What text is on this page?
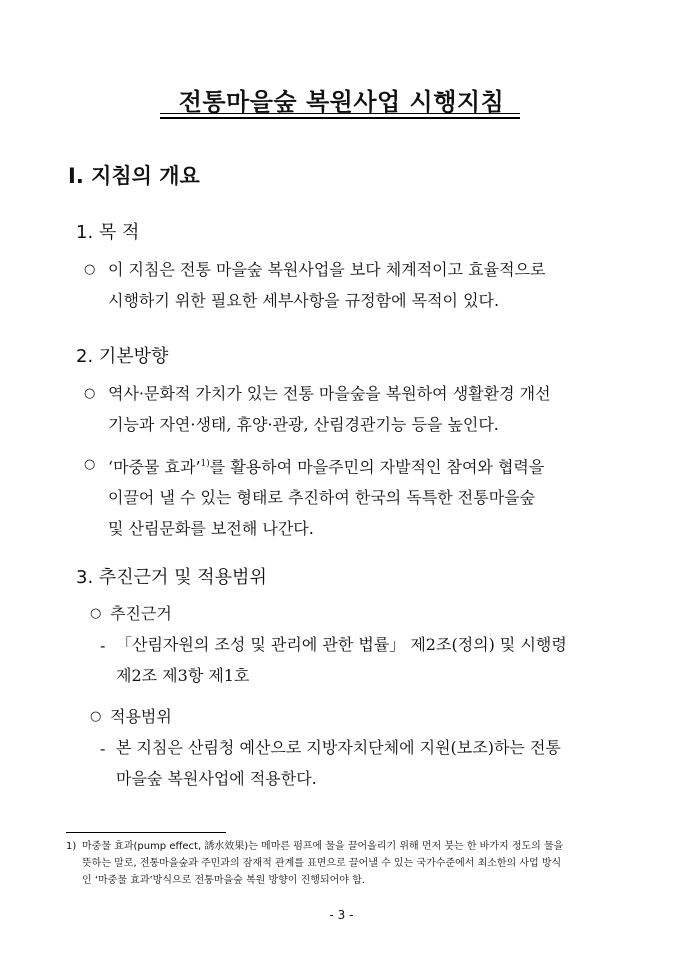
전통마을숲 복원사업 시행지침
Ⅰ. 지침의 개요
1. 목 적
○ 이 지침은 전통 마을숲 복원사업을 보다 체계적이고 효율적으로
시행하기 위한 필요한 세부사항을 규정함에 목적이 있다.
2. 기본방향
○ 역사·문화적 가치가 있는 전통 마을숲을 복원하여 생활환경 개선
기능과 자연·생태, 휴양·관광, 산림경관기능 등을 높인다.
○ ‘마중물 효과’$^{1)}$를 활용하여 마을주민의 자발적인 참여와 협력을
이끌어 낼 수 있는 형태로 추진하여 한국의 독특한 전통마을숲
및 산림문화를 보전해 나간다.
3. 추진근거 및 적용범위
○ 추진근거
- 「산림자원의 조성 및 관리에 관한 법률」 제2조(정의) 및 시행령
제2조 제3항 제1호
○ 적용범위
- 본 지침은 산림청 예산으로 지방자치단체에 지원(보조)하는 전통
마을숲 복원사업에 적용한다.
1) 마중물 효과(pump effect, 誘水效果)는 메마른 펌프에 물을 끌어올리기 위해 먼저 붓는 한 바가지 정도의 물을
뜻하는 말로, 전통마을숲과 주민과의 잠재적 관계를 표면으로 끌어낼 수 있는 국가수준에서 최소한의 사업 방식
인 ‘마중물 효과’방식으로 전통마을숲 복원 방향이 진행되어야 함.
- 3 -
